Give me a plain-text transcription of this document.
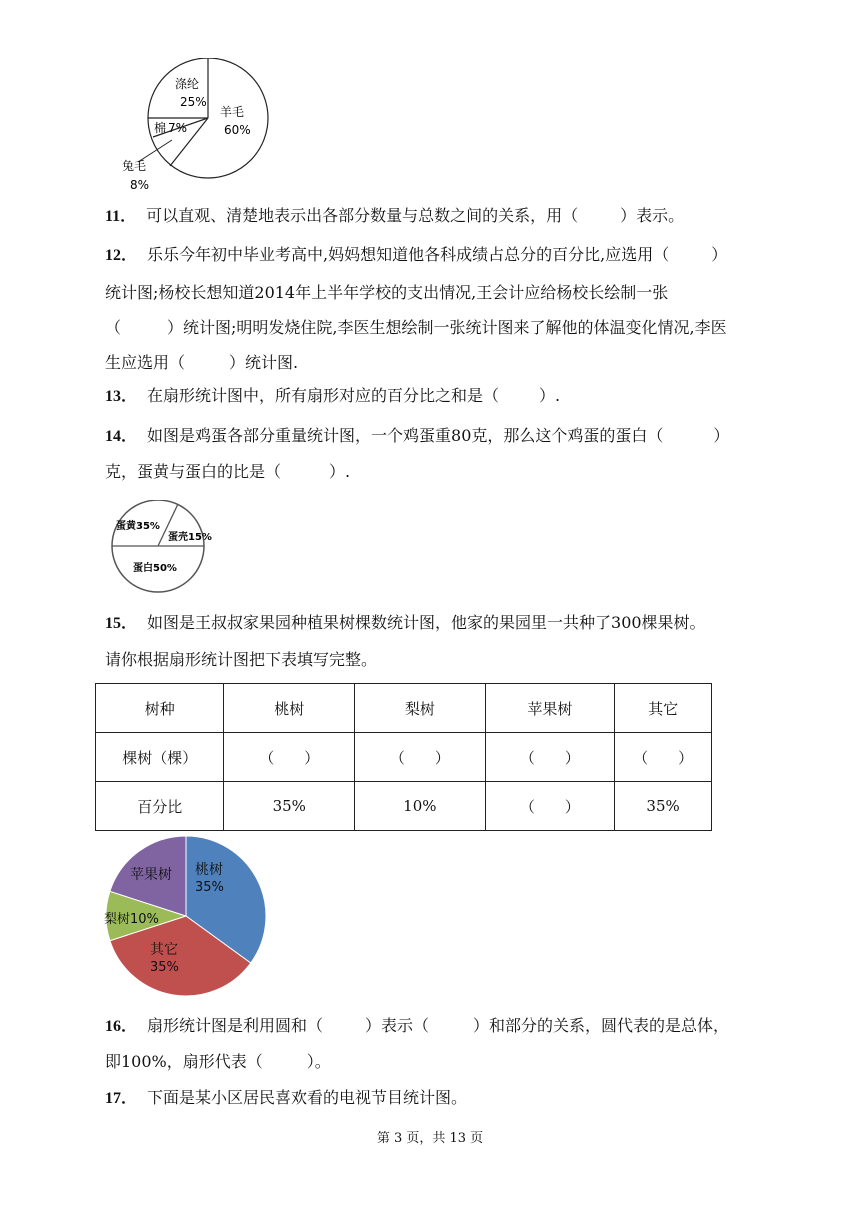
涤纶
25%
羊毛
60%
棉 7%
兔毛
8%
11． 可以直观、清楚地表示出各部分数量与总数之间的关系，用（	）表示。
12． 乐乐今年初中毕业考高中,妈妈想知道他各科成绩占总分的百分比,应选用（	）
统计图;杨校长想知道2014年上半年学校的支出情况,王会计应给杨校长绘制一张
（	）统计图;明明发烧住院,李医生想绘制一张统计图来了解他的体温变化情况,李医
生应选用（	）统计图.
13． 在扇形统计图中，所有扇形对应的百分比之和是（	）.
14． 如图是鸡蛋各部分重量统计图，一个鸡蛋重80克，那么这个鸡蛋的蛋白（	）
克，蛋黄与蛋白的比是（	）.
蛋黄35%
蛋壳15%
蛋白50%
15． 如图是王叔叔家果园种植果树棵数统计图，他家的果园里一共种了300棵果树。
请你根据扇形统计图把下表填写完整。
树种	桃树	梨树	苹果树	其它
棵树（棵）	（　　）	（　　）	（　　）	（　　）
百分比	35%	10%	（　　）	35%
桃树
35%
苹果树
梨树10%
其它
35%
16． 扇形统计图是利用圆和（	）表示（	）和部分的关系，圆代表的是总体，
即100%，扇形代表（	）。
17． 下面是某小区居民喜欢看的电视节目统计图。
第 3 页，共 13 页
